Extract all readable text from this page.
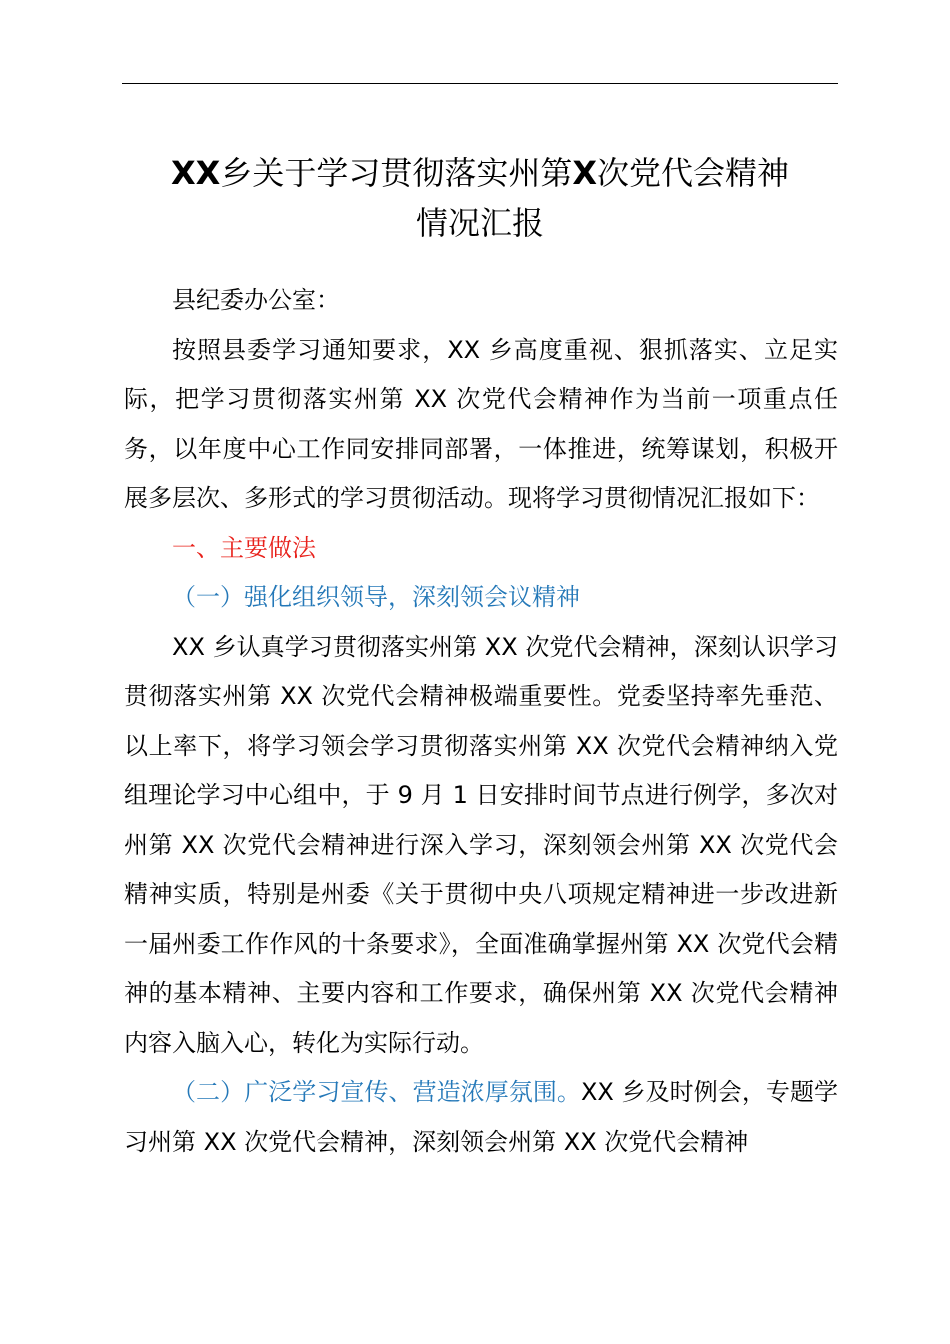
XX乡关于学习贯彻落实州第X次党代会精神
情况汇报

县纪委办公室：

按照县委学习通知要求，XX 乡高度重视、狠抓落实、立足实际，把学习贯彻落实州第 XX 次党代会精神作为当前一项重点任务，以年度中心工作同安排同部署，一体推进，统筹谋划，积极开展多层次、多形式的学习贯彻活动。现将学习贯彻情况汇报如下：

一、主要做法

（一）强化组织领导，深刻领会议精神

XX 乡认真学习贯彻落实州第 XX 次党代会精神，深刻认识学习贯彻落实州第 XX 次党代会精神极端重要性。党委坚持率先垂范、以上率下，将学习领会学习贯彻落实州第 XX 次党代会精神纳入党组理论学习中心组中，于 9 月 1 日安排时间节点进行例学，多次对州第 XX 次党代会精神进行深入学习，深刻领会州第 XX 次党代会精神实质，特别是州委《关于贯彻中央八项规定精神进一步改进新一届州委工作作风的十条要求》，全面准确掌握州第 XX 次党代会精神的基本精神、主要内容和工作要求，确保州第 XX 次党代会精神内容入脑入心，转化为实际行动。

（二）广泛学习宣传、营造浓厚氛围。XX 乡及时例会，专题学习州第 XX 次党代会精神，深刻领会州第 XX 次党代会精神
